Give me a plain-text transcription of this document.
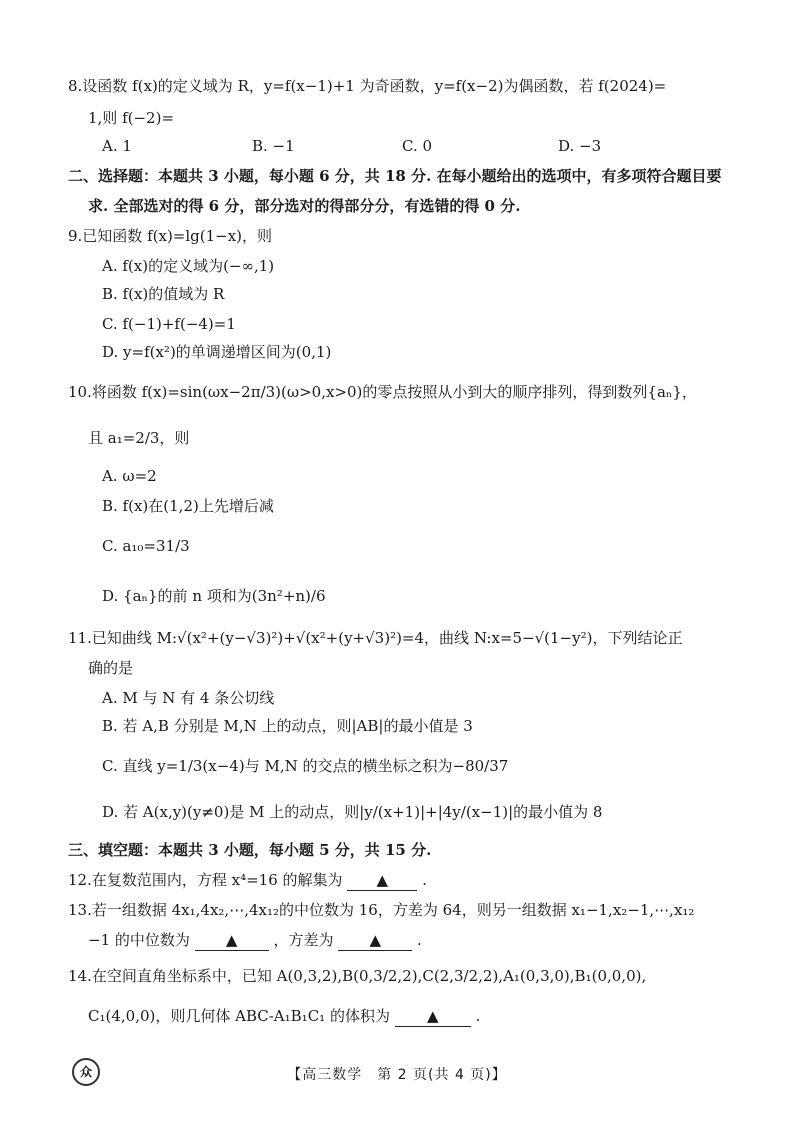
8.设函数 f(x)的定义域为 R，y=f(x−1)+1 为奇函数，y=f(x−2)为偶函数，若 f(2024)=
1,则 f(−2)=
A. 1	B. −1	C. 0	D. −3
二、选择题：本题共 3 小题，每小题 6 分，共 18 分. 在每小题给出的选项中，有多项符合题目要
求. 全部选对的得 6 分，部分选对的得部分分，有选错的得 0 分.
9.已知函数 f(x)=lg(1−x)，则
A. f(x)的定义域为(−∞,1)
B. f(x)的值域为 R
C. f(−1)+f(−4)=1
D. y=f(x²)的单调递增区间为(0,1)
10.将函数 f(x)=sin(ωx−2π/3)(ω>0,x>0)的零点按照从小到大的顺序排列，得到数列{aₙ}，
且 a₁=2/3，则
A. ω=2
B. f(x)在(1,2)上先增后减
C. a₁₀=31/3
D. {aₙ}的前 n 项和为(3n²+n)/6
11.已知曲线 M:√(x²+(y−√3)²)+√(x²+(y+√3)²)=4，曲线 N:x=5−√(1−y²)，下列结论正
确的是
A. M 与 N 有 4 条公切线
B. 若 A,B 分别是 M,N 上的动点，则|AB|的最小值是 3
C. 直线 y=1/3(x−4)与 M,N 的交点的横坐标之积为−80/37
D. 若 A(x,y)(y≠0)是 M 上的动点，则|y/(x+1)|+|4y/(x−1)|的最小值为 8
三、填空题：本题共 3 小题，每小题 5 分，共 15 分.
12.在复数范围内，方程 x⁴=16 的解集为 ▲ .
13.若一组数据 4x₁,4x₂,⋯,4x₁₂的中位数为 16，方差为 64，则另一组数据 x₁−1,x₂−1,⋯,x₁₂
−1 的中位数为 ▲ ，方差为 ▲ .
14.在空间直角坐标系中，已知 A(0,3,2),B(0,3/2,2),C(2,3/2,2),A₁(0,3,0),B₁(0,0,0),
C₁(4,0,0)，则几何体 ABC-A₁B₁C₁ 的体积为 ▲ .
众	【高三数学　第 2 页(共 4 页)】
